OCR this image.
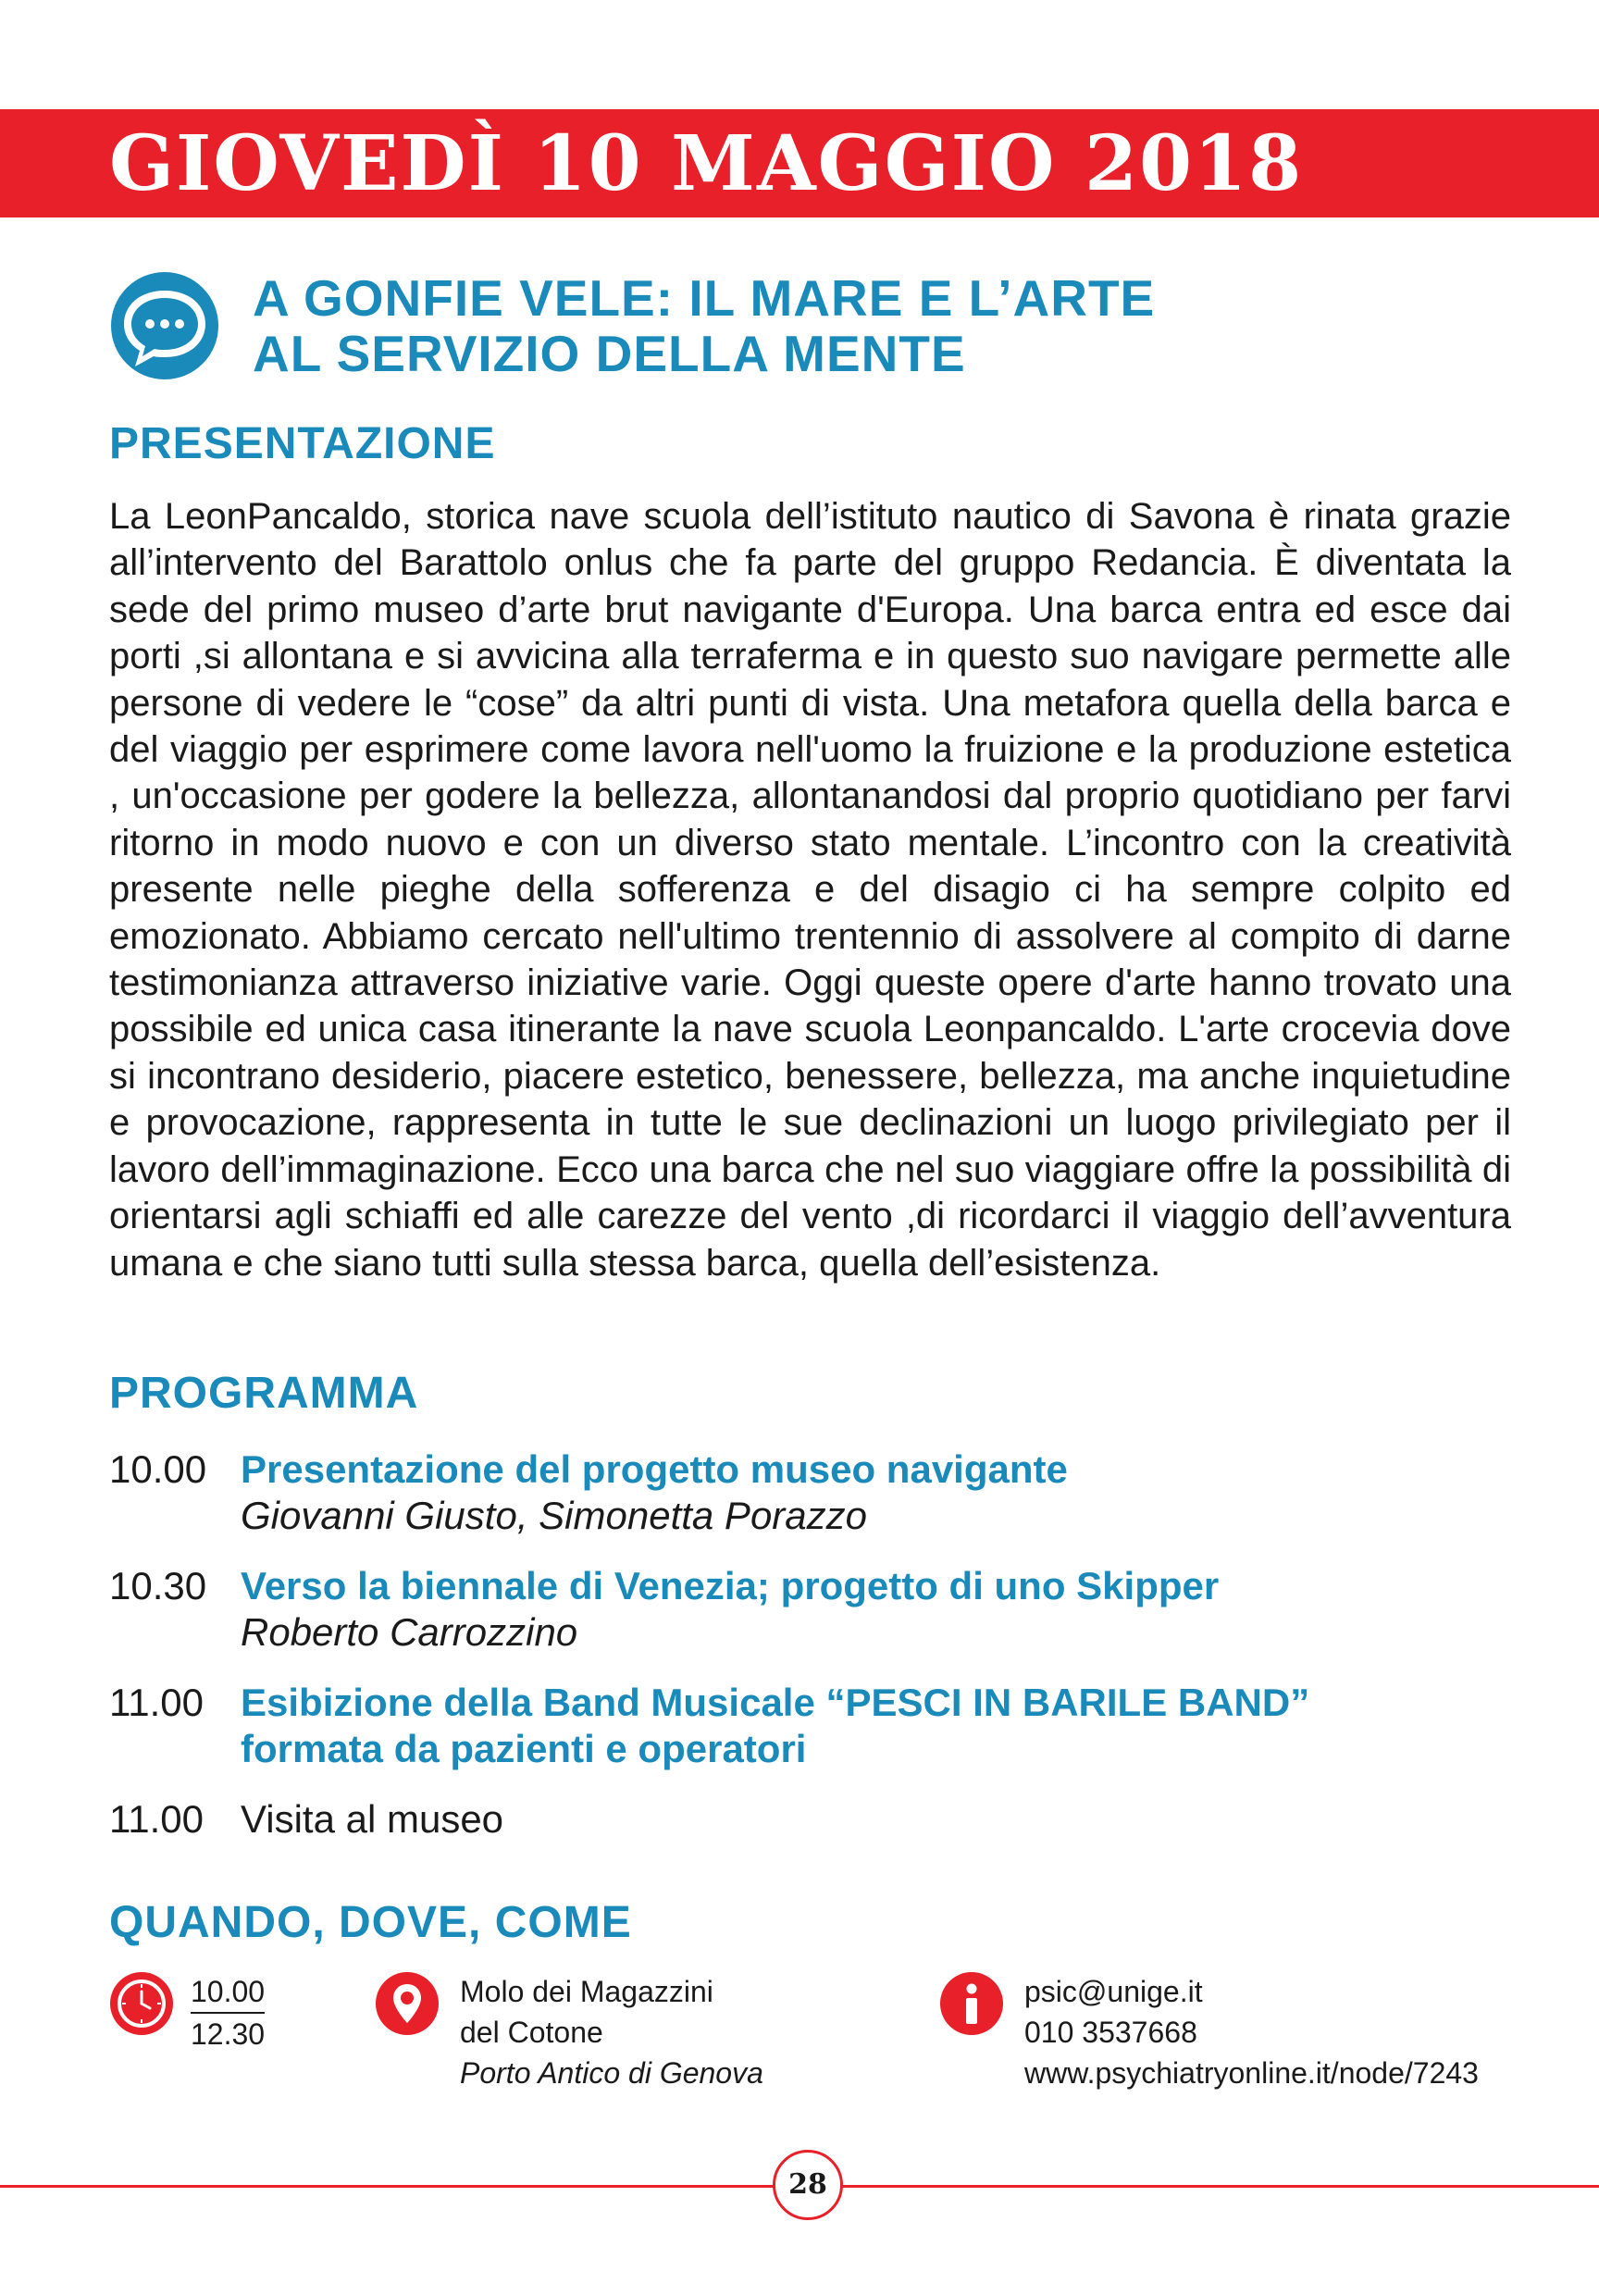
GIOVEDÌ 10 MAGGIO 2018
A GONFIE VELE: IL MARE E L’ARTE
AL SERVIZIO DELLA MENTE
PRESENTAZIONE
La LeonPancaldo, storica nave scuola dell’istituto nautico di Savona è rinata grazie all’intervento del Barattolo onlus che fa parte del gruppo Redancia. È diventata la sede del primo museo d’arte brut navigante d'Europa. Una barca entra ed esce dai porti ,si allontana e si avvicina alla terraferma e in questo suo navigare permette alle persone di vedere le “cose” da altri punti di vista. Una metafora quella della barca e del viaggio per esprimere come lavora nell'uomo la fruizione e la produzione estetica , un'occasione per godere la bellezza, allontanandosi dal proprio quotidiano per farvi ritorno in modo nuovo e con un diverso stato mentale. L’incontro con la creatività presente nelle pieghe della sofferenza e del disagio ci ha sempre colpito ed emozionato. Abbiamo cercato nell'ultimo trentennio di assolvere al compito di darne testimonianza attraverso iniziative varie. Oggi queste opere d'arte hanno trovato una possibile ed unica casa itinerante la nave scuola Leonpancaldo. L'arte crocevia dove si incontrano desiderio, piacere estetico, benessere, bellezza, ma anche inquietudine e provocazione, rappresenta in tutte le sue declinazioni un luogo privilegiato per il lavoro dell’immaginazione. Ecco una barca che nel suo viaggiare offre la possibilità di orientarsi agli schiaffi ed alle carezze del vento ,di ricordarci il viaggio dell’avventura umana e che siano tutti sulla stessa barca, quella dell’esistenza.
PROGRAMMA
10.00 Presentazione del progetto museo navigante
Giovanni Giusto, Simonetta Porazzo
10.30 Verso la biennale di Venezia; progetto di uno Skipper
Roberto Carrozzino
11.00 Esibizione della Band Musicale “PESCI IN BARILE BAND”
formata da pazienti e operatori
11.00 Visita al museo
QUANDO, DOVE, COME
10.00
12.30
Molo dei Magazzini
del Cotone
Porto Antico di Genova
psic@unige.it
010 3537668
www.psychiatryonline.it/node/7243
28
